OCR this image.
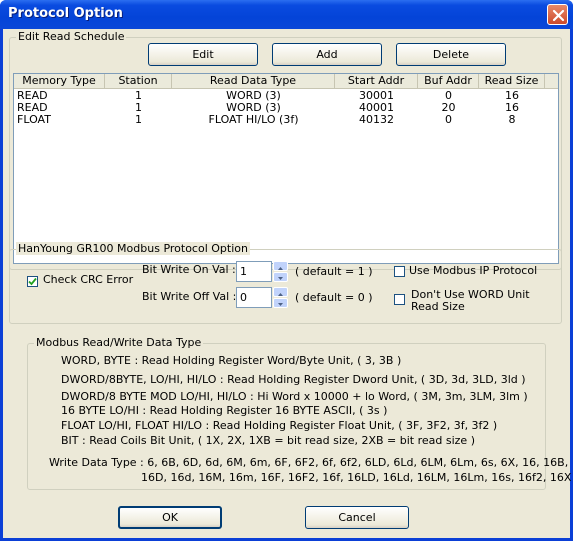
Protocol Option
Edit Read Schedule
Edit	Add	Delete
Memory Type	Station	Read Data Type	Start Addr	Buf Addr	Read Size
READ	1	WORD (3)	30001	0	16
READ	1	WORD (3)	40001	20	16
FLOAT	1	FLOAT HI/LO (3f)	40132	0	8
HanYoung GR100 Modbus Protocol Option
Check CRC Error
Bit Write On Val : 1	( default = 1 )
Bit Write Off Val : 0	( default = 0 )
Use Modbus IP Protocol
Don't Use WORD Unit
Read Size
Modbus Read/Write Data Type
WORD, BYTE : Read Holding Register Word/Byte Unit, ( 3, 3B )
DWORD/8BYTE, LO/HI, HI/LO : Read Holding Register Dword Unit, ( 3D, 3d, 3LD, 3ld )
DWORD/8 BYTE MOD LO/HI, HI/LO : Hi Word x 10000 + lo Word, ( 3M, 3m, 3LM, 3lm )
16 BYTE LO/HI : Read Holding Register 16 BYTE ASCII, ( 3s )
FLOAT LO/HI, FLOAT HI/LO : Read Holding Register Float Unit, ( 3F, 3F2, 3f, 3f2 )
BIT : Read Coils Bit Unit, ( 1X, 2X, 1XB = bit read size, 2XB = bit read size )
Write Data Type : 6, 6B, 6D, 6d, 6M, 6m, 6F, 6F2, 6f, 6f2, 6LD, 6Ld, 6LM, 6Lm, 6s, 6X, 16, 16B,
16D, 16d, 16M, 16m, 16F, 16F2, 16f, 16LD, 16Ld, 16LM, 16Lm, 16s, 16f2, 16X
OK	Cancel
